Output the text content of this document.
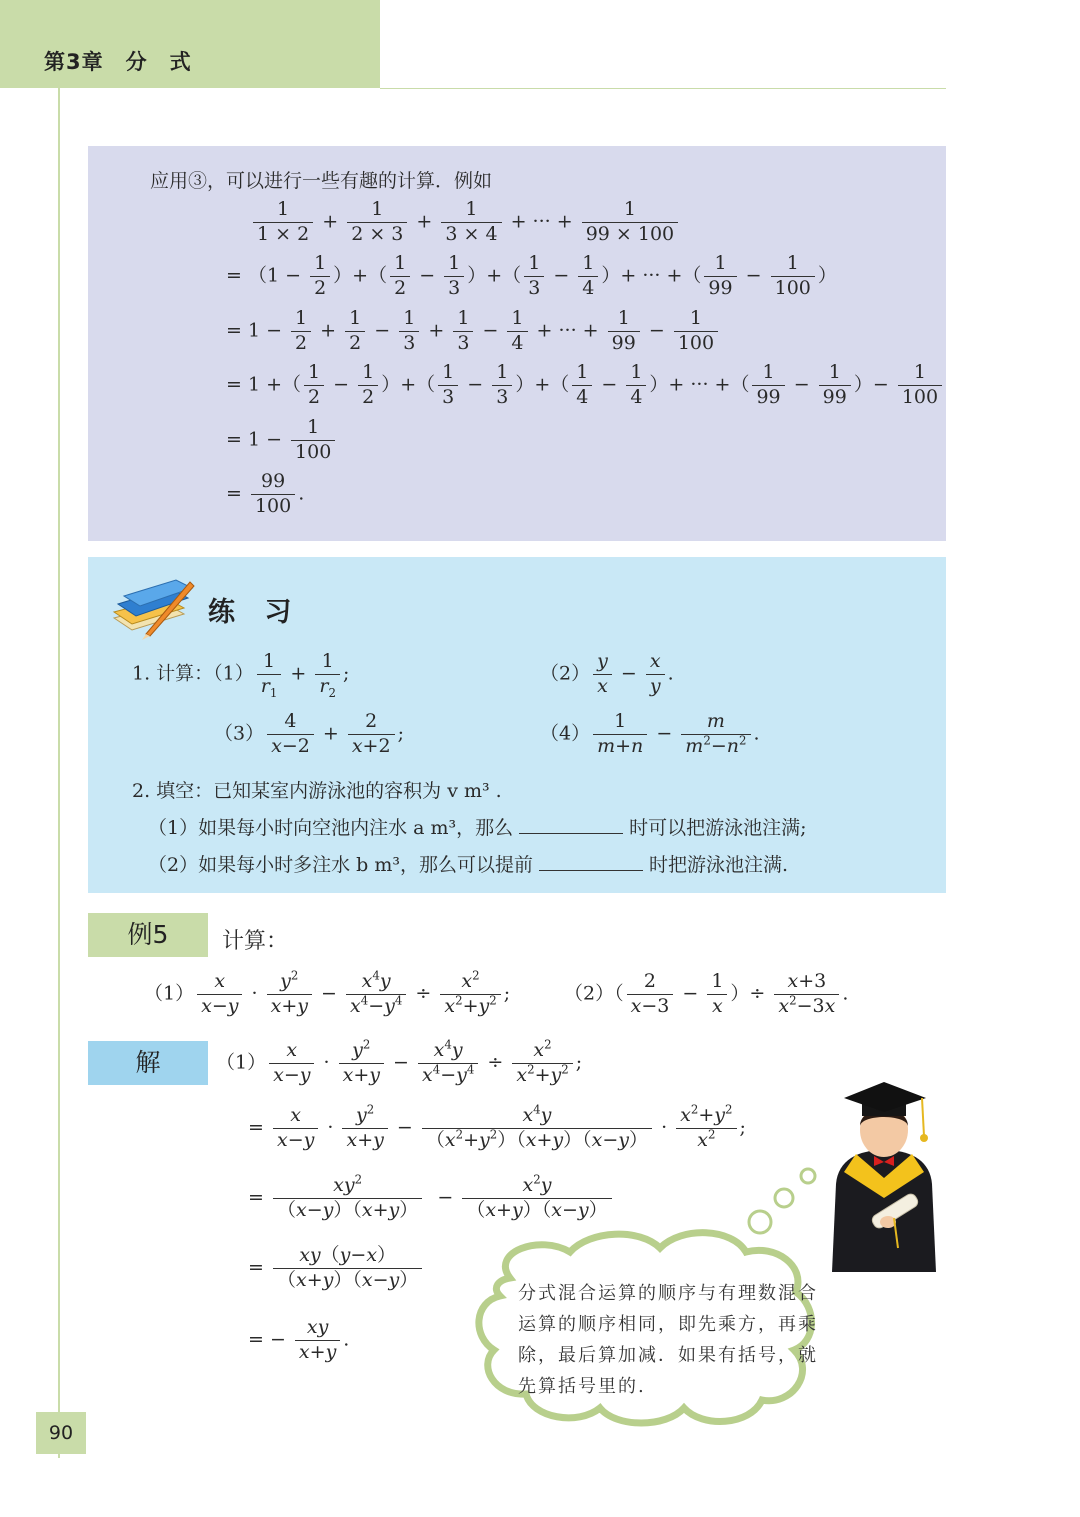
第3章　分　式
应用③，可以进行一些有趣的计算．例如
$\frac{1}{1 \times 2} + \frac{1}{2 \times 3} + \frac{1}{3 \times 4}$ + ··· + $\frac{1}{99 \times 100}$
= （$1 - \frac{1}{2}$ ）+（ $\frac{1}{2} - \frac{1}{3}$ ）+（ $\frac{1}{3} - \frac{1}{4}$ ）+ ··· +（ $\frac{1}{99} - \frac{1}{100}$ ）
= $1 - \frac{1}{2} + \frac{1}{2} - \frac{1}{3} + \frac{1}{3} - \frac{1}{4}$ + ··· + $\frac{1}{99} - \frac{1}{100}$
= 1 +（ $\frac{1}{2} - \frac{1}{2}$ ）+（ $\frac{1}{3} - \frac{1}{3}$ ）+（ $\frac{1}{4} - \frac{1}{4}$ ）+ ··· +（ $\frac{1}{99} - \frac{1}{99}$ ）− $\frac{1}{100}$
= $1 - \frac{1}{100}$
= $\frac{99}{100}$ .
练 习
1. 计算：$(1) \frac{1}{r_1} + \frac{1}{r_2}$ ;	$(2) \frac{y}{x} - \frac{x}{y}$ .
$(3) \frac{4}{x-2} + \frac{2}{x+2}$ ;	$(4) \frac{1}{m+n} - \frac{m}{m^2-n^2}$ .
2. 填空：已知某室内游泳池的容积为 v m³ .
（1）如果每小时向空池内注水 a m³，那么	时可以把游泳池注满;
（2）如果每小时多注水 b m³，那么可以提前	时把游泳池注满.
例5	计算：
$(1) \frac{x}{x-y} \cdot \frac{y^2}{x+y} - \frac{x^4y}{x^4-y^4} \div \frac{x^2}{x^2+y^2}$ ;	$(2)( \frac{2}{x-3} - \frac{1}{x}$ ）÷ $\frac{x+3}{x^2-3x}$ .
解	$(1) \frac{x}{x-y} \cdot \frac{y^2}{x+y} - \frac{x^4y}{x^4-y^4} \div \frac{x^2}{x^2+y^2}$ ;
= $\frac{x}{x-y} \cdot \frac{y^2}{x+y} - \frac{x^4y}{(x^2+y^2)(x+y)(x-y)} \cdot \frac{x^2+y^2}{x^2}$ ;
= $\frac{xy^2}{(x-y)(x+y)} - \frac{x^2y}{(x+y)(x-y)}$
= $\frac{xy(y-x)}{(x+y)(x-y)}$
= − $\frac{xy}{x+y}$ .
分式混合运算的顺序与有理数混合运算的顺序相同，即先乘方，再乘除，最后算加减．如果有括号，就先算括号里的.
90
